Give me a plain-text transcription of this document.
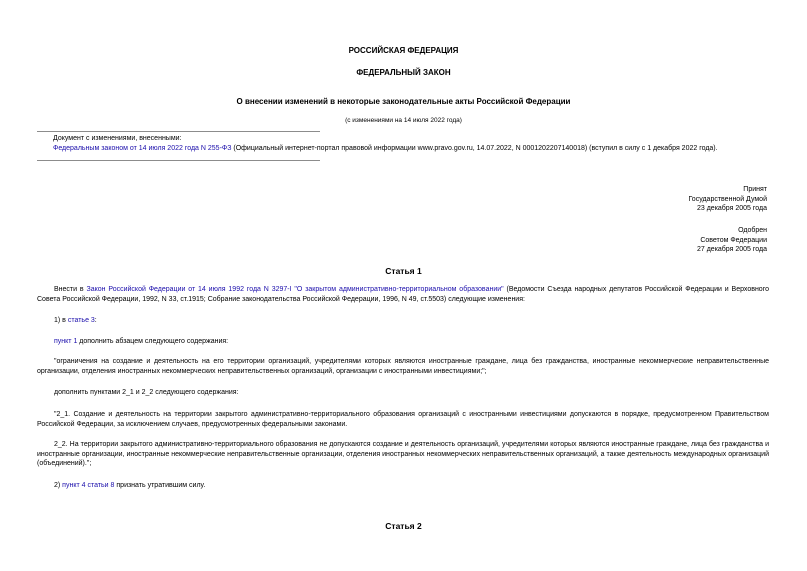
РОССИЙСКАЯ ФЕДЕРАЦИЯ
ФЕДЕРАЛЬНЫЙ ЗАКОН
О внесении изменений в некоторые законодательные акты Российской Федерации
(с изменениями на 14 июля 2022 года)
Документ с изменениями, внесенными:
Федеральным законом от 14 июля 2022 года N 255-ФЗ (Официальный интернет-портал правовой информации www.pravo.gov.ru, 14.07.2022, N 0001202207140018) (вступил в силу с 1 декабря 2022 года).
Принят
Государственной Думой
23 декабря 2005 года
Одобрен
Советом Федерации
27 декабря 2005 года
Статья 1
Внести в Закон Российской Федерации от 14 июля 1992 года N 3297-I "О закрытом административно-территориальном образовании" (Ведомости Съезда народных депутатов Российской Федерации и Верховного Совета Российской Федерации, 1992, N 33, ст.1915; Собрание законодательства Российской Федерации, 1996, N 49, ст.5503) следующие изменения:
1) в статье 3:
пункт 1 дополнить абзацем следующего содержания:
"ограничения на создание и деятельность на его территории организаций, учредителями которых являются иностранные граждане, лица без гражданства, иностранные некоммерческие неправительственные организации, отделения иностранных некоммерческих неправительственных организаций, организации с иностранными инвестициями;";
дополнить пунктами 2_1 и 2_2 следующего содержания:
"2_1. Создание и деятельность на территории закрытого административно-территориального образования организаций с иностранными инвестициями допускаются в порядке, предусмотренном Правительством Российской Федерации, за исключением случаев, предусмотренных федеральными законами.
2_2. На территории закрытого административно-территориального образования не допускаются создание и деятельность организаций, учредителями которых являются иностранные граждане, лица без гражданства и иностранные организации, иностранные некоммерческие неправительственные организации, отделения иностранных некоммерческих неправительственных организаций, а также деятельность международных организаций (объединений).";
2) пункт 4 статьи 8 признать утратившим силу.
Статья 2
